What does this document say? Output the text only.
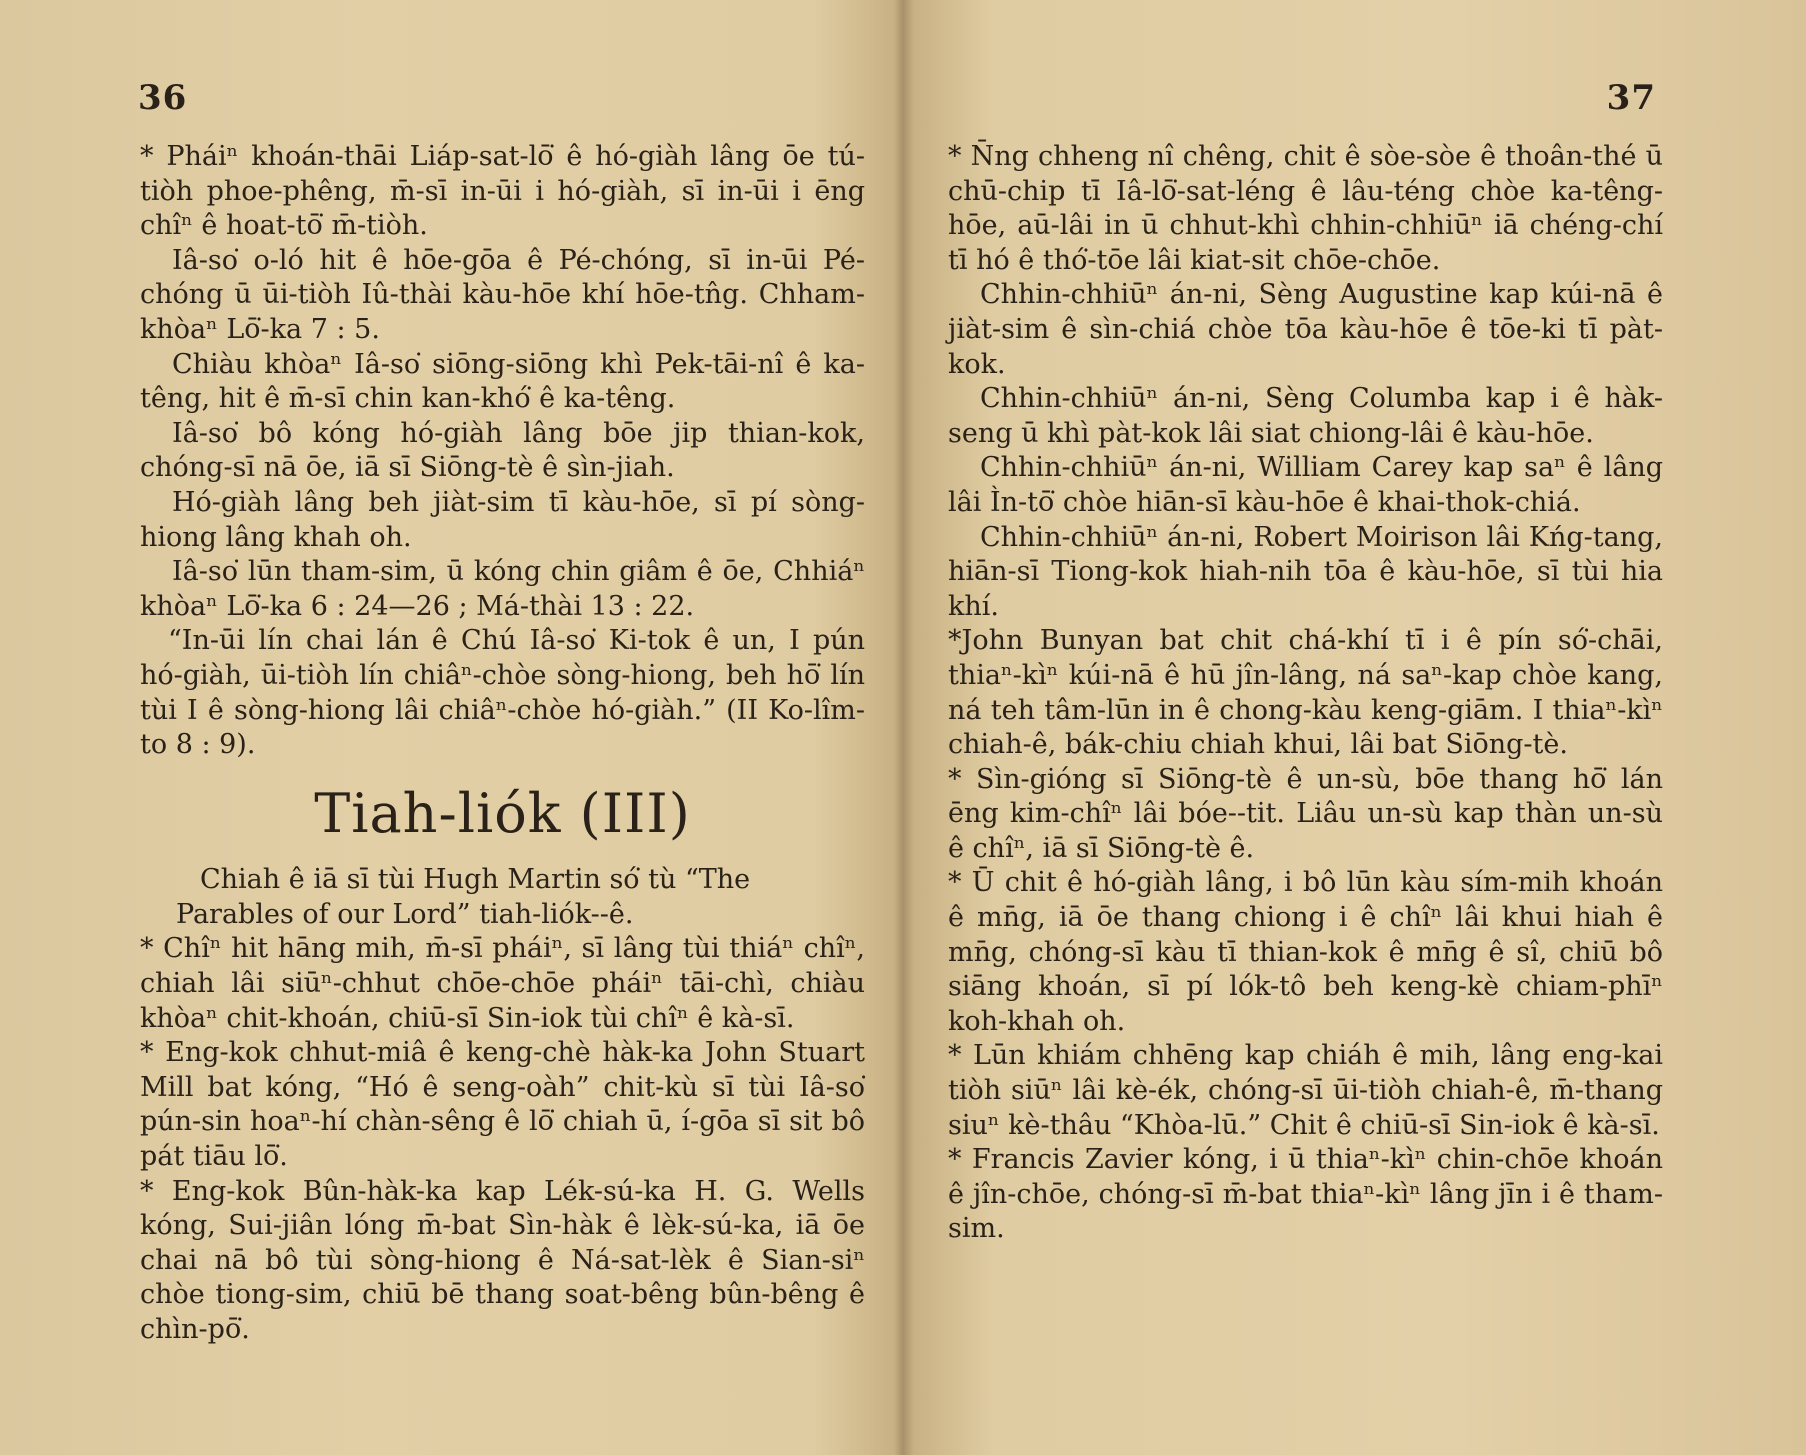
36

* Pháiⁿ khoán-thāi Liáp-sat-lō͘ ê hó-giàh lâng ōe tú-tiòh phoe-phêng, m̄-sī in-ūi i hó-giàh, sī in-ūi i ēng chîⁿ ê hoat-tō͘ m̄-tiòh.

Iâ-so͘ o-ló hit ê hōe-gōa ê Pé-chóng, sī in-ūi Pé-chóng ū ūi-tiòh Iû-thài kàu-hōe khí hōe-tn̂g. Chham-khòaⁿ Lō͘-ka 7 : 5.

Chiàu khòaⁿ Iâ-so͘ siōng-siōng khì Pek-tāi-nî ê ka-têng, hit ê m̄-sī chin kan-khó͘ ê ka-têng.

Iâ-so͘ bô kóng hó-giàh lâng bōe jip thian-kok, chóng-sī nā ōe, iā sī Siōng-tè ê sìn-jiah.

Hó-giàh lâng beh jiàt-sim tī kàu-hōe, sī pí sòng-hiong lâng khah oh.

Iâ-so͘ lūn tham-sim, ū kóng chin giâm ê ōe, Chhiáⁿ khòaⁿ Lō͘-ka 6 : 24—26 ; Má-thài 13 : 22.

“In-ūi lín chai lán ê Chú Iâ-so͘ Ki-tok ê un, I pún hó-giàh, ūi-tiòh lín chiâⁿ-chòe sòng-hiong, beh hō͘ lín tùi I ê sòng-hiong lâi chiâⁿ-chòe hó-giàh.” (II Ko-lîm-to 8 : 9).

Tiah-liók (III)

Chiah ê iā sī tùi Hugh Martin só͘ tù “The

Parables of our Lord” tiah-liók--ê.

* Chîⁿ hit hāng mih, m̄-sī pháiⁿ, sī lâng tùi thiáⁿ chîⁿ, chiah lâi siūⁿ-chhut chōe-chōe pháiⁿ tāi-chì, chiàu khòaⁿ chit-khoán, chiū-sī Sin-iok tùi chîⁿ ê kà-sī.

* Eng-kok chhut-miâ ê keng-chè hàk-ka John Stuart Mill bat kóng, “Hó ê seng-oàh” chit-kù sī tùi Iâ-so͘ pún-sin hoaⁿ-hí chàn-sêng ê lō͘ chiah ū, í-gōa sī sit bô pát tiāu lō͘.

* Eng-kok Bûn-hàk-ka kap Lék-sú-ka H. G. Wells kóng, Sui-jiân lóng m̄-bat Sìn-hàk ê lèk-sú-ka, iā ōe chai nā bô tùi sòng-hiong ê Ná-sat-lèk ê Sian-siⁿ chòe tiong-sim, chiū bē thang soat-bêng bûn-bêng ê chìn-pō͘.

37

* N̄ng chheng nî chêng, chit ê sòe-sòe ê thoân-thé ū chū-chip tī Iâ-lō͘-sat-léng ê lâu-téng chòe ka-têng-hōe, aū-lâi in ū chhut-khì chhin-chhiūⁿ iā chéng-chí tī hó ê thó͘-tōe lâi kiat-sit chōe-chōe.

Chhin-chhiūⁿ án-ni, Sèng Augustine kap kúi-nā ê jiàt-sim ê sìn-chiá chòe tōa kàu-hōe ê tōe-ki tī pàt-kok.

Chhin-chhiūⁿ án-ni, Sèng Columba kap i ê hàk-seng ū khì pàt-kok lâi siat chiong-lâi ê kàu-hōe.

Chhin-chhiūⁿ án-ni, William Carey kap saⁿ ê lâng lâi Ìn-tō͘ chòe hiān-sī kàu-hōe ê khai-thok-chiá.

Chhin-chhiūⁿ án-ni, Robert Moirison lâi Kńg-tang, hiān-sī Tiong-kok hiah-nih tōa ê kàu-hōe, sī tùi hia khí.

*John Bunyan bat chit chá-khí tī i ê pín só͘-chāi, thiaⁿ-kìⁿ kúi-nā ê hū jîn-lâng, ná saⁿ-kap chòe kang, ná teh tâm-lūn in ê chong-kàu keng-giām. I thiaⁿ-kìⁿ chiah-ê, bák-chiu chiah khui, lâi bat Siōng-tè.

* Sìn-gióng sī Siōng-tè ê un-sù, bōe thang hō͘ lán ēng kim-chîⁿ lâi bóe--tit. Liâu un-sù kap thàn un-sù ê chîⁿ, iā sī Siōng-tè ê.

* Ū chit ê hó-giàh lâng, i bô lūn kàu sím-mih khoán ê mn̄g, iā ōe thang chiong i ê chîⁿ lâi khui hiah ê mn̄g, chóng-sī kàu tī thian-kok ê mn̄g ê sî, chiū bô siāng khoán, sī pí lók-tô beh keng-kè chiam-phīⁿ koh-khah oh.

* Lūn khiám chhēng kap chiáh ê mih, lâng eng-kai tiòh siūⁿ lâi kè-ék, chóng-sī ūi-tiòh chiah-ê, m̄-thang siuⁿ kè-thâu “Khòa-lū.” Chit ê chiū-sī Sin-iok ê kà-sī.

* Francis Zavier kóng, i ū thiaⁿ-kìⁿ chin-chōe khoán ê jîn-chōe, chóng-sī m̄-bat thiaⁿ-kìⁿ lâng jīn i ê tham-sim.
